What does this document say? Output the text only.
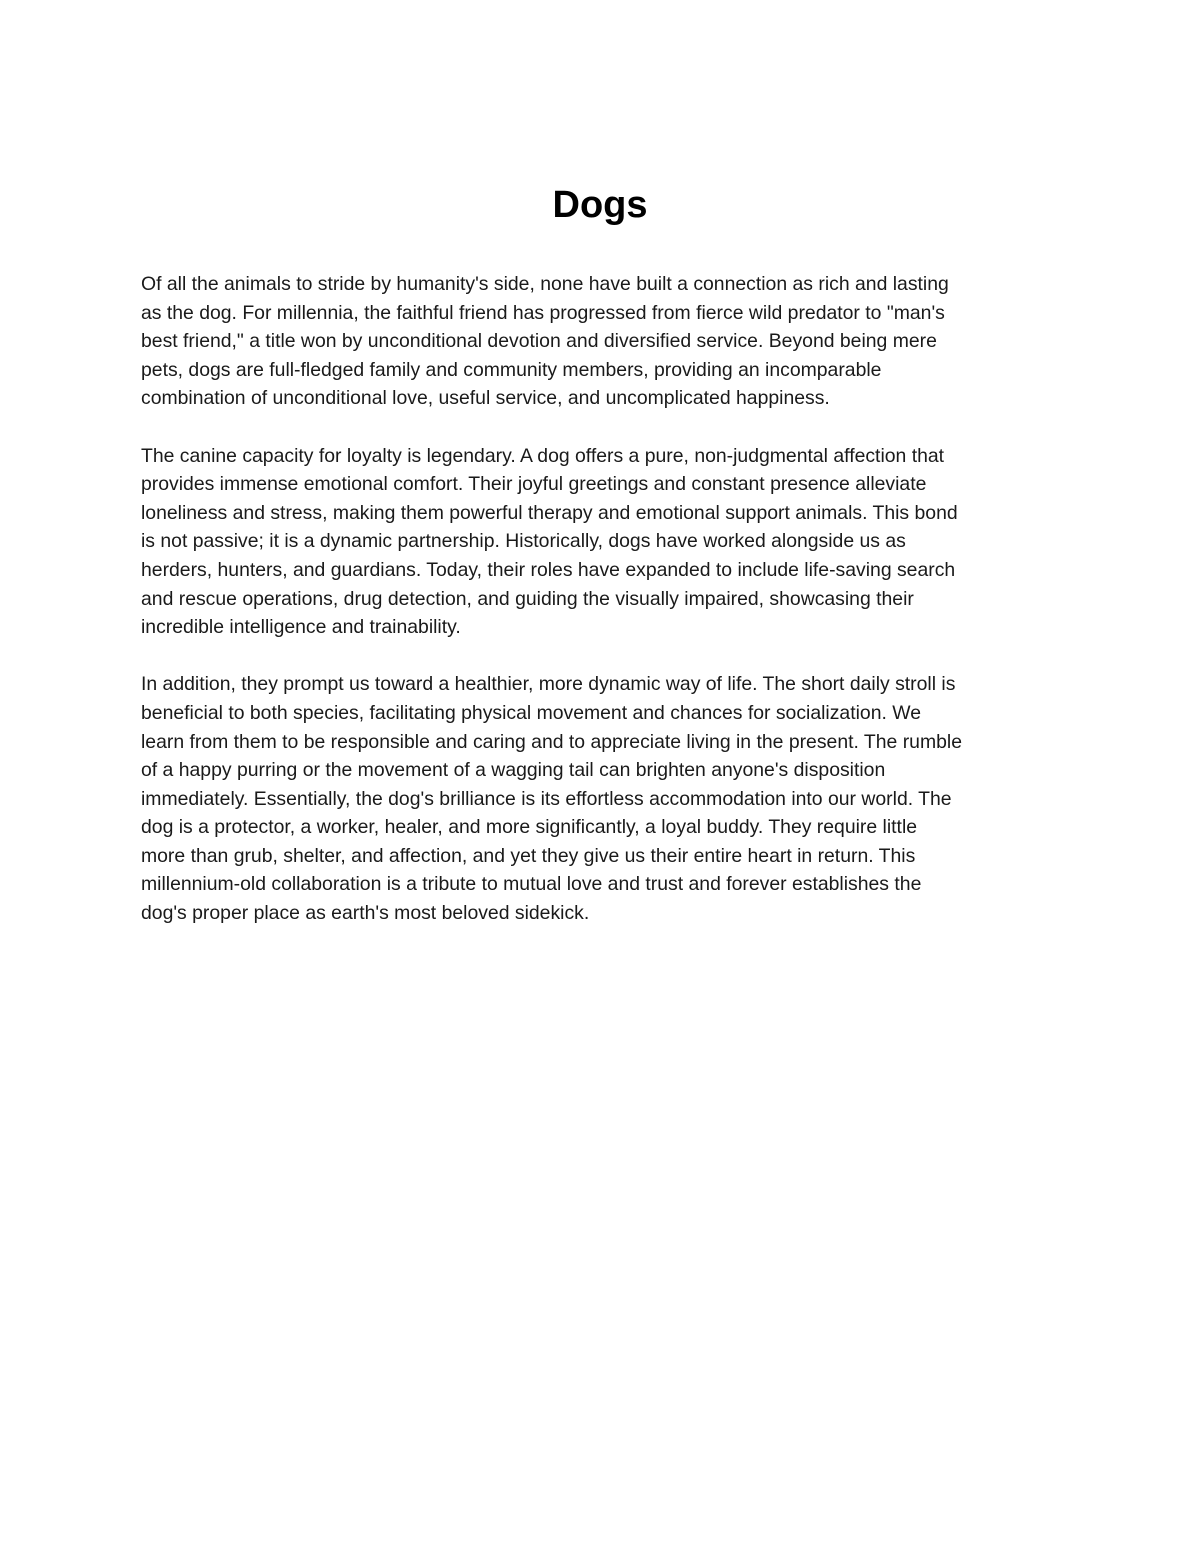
Dogs

Of all the animals to stride by humanity's side, none have built a connection as rich and lasting
as the dog. For millennia, the faithful friend has progressed from fierce wild predator to "man's
best friend," a title won by unconditional devotion and diversified service. Beyond being mere
pets, dogs are full-fledged family and community members, providing an incomparable
combination of unconditional love, useful service, and uncomplicated happiness.

The canine capacity for loyalty is legendary. A dog offers a pure, non-judgmental affection that
provides immense emotional comfort. Their joyful greetings and constant presence alleviate
loneliness and stress, making them powerful therapy and emotional support animals. This bond
is not passive; it is a dynamic partnership. Historically, dogs have worked alongside us as
herders, hunters, and guardians. Today, their roles have expanded to include life-saving search
and rescue operations, drug detection, and guiding the visually impaired, showcasing their
incredible intelligence and trainability.

In addition, they prompt us toward a healthier, more dynamic way of life. The short daily stroll is
beneficial to both species, facilitating physical movement and chances for socialization. We
learn from them to be responsible and caring and to appreciate living in the present. The rumble
of a happy purring or the movement of a wagging tail can brighten anyone's disposition
immediately. Essentially, the dog's brilliance is its effortless accommodation into our world. The
dog is a protector, a worker, healer, and more significantly, a loyal buddy. They require little
more than grub, shelter, and affection, and yet they give us their entire heart in return. This
millennium-old collaboration is a tribute to mutual love and trust and forever establishes the
dog's proper place as earth's most beloved sidekick.
